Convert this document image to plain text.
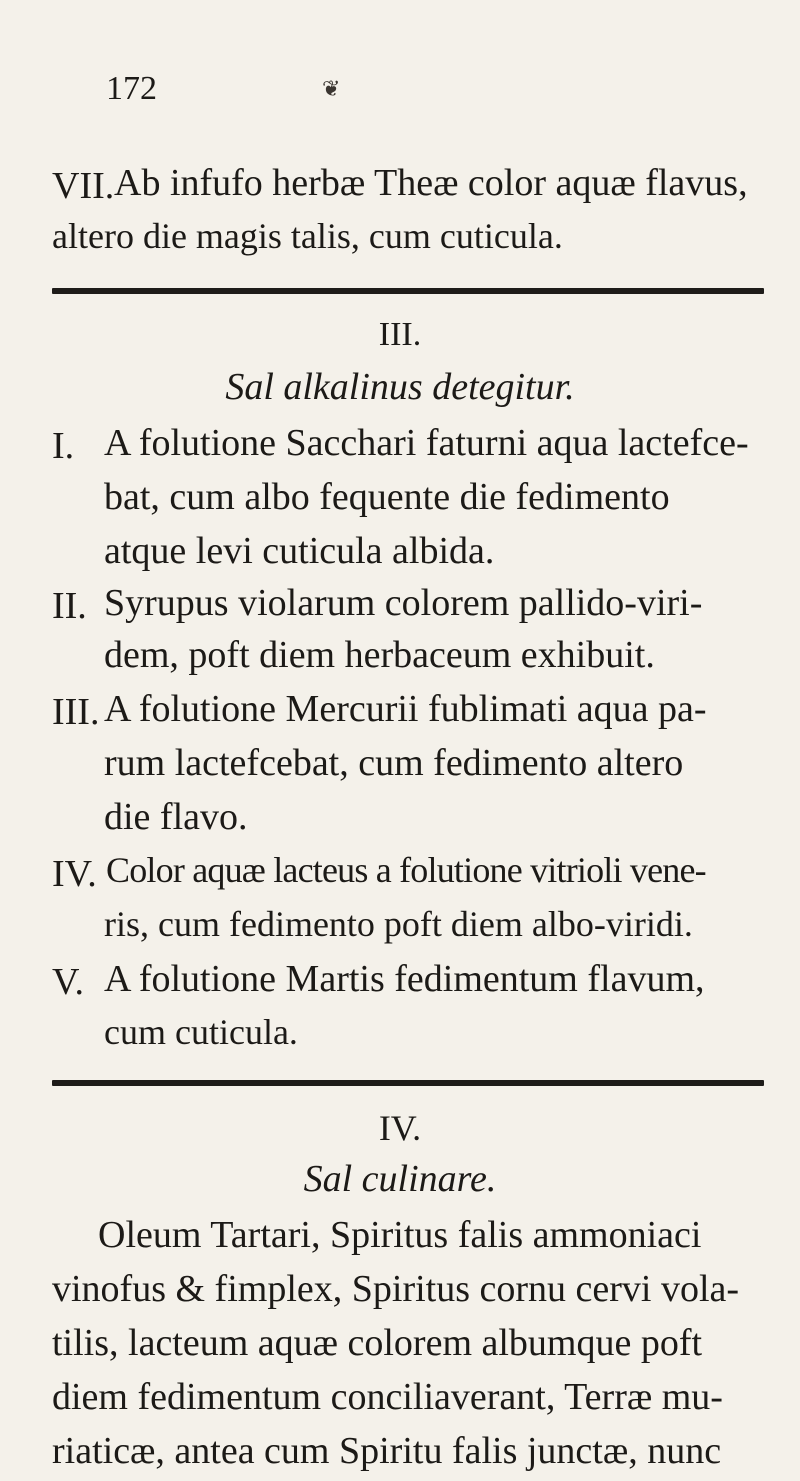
172	❦
VII. Ab infufo herbæ Theæ color aquæ flavus,
altero die magis talis, cum cuticula.
III.
Sal alkalinus detegitur.
I. A folutione Sacchari faturni aqua lactefce-
bat, cum albo fequente die fedimento
atque levi cuticula albida.
II. Syrupus violarum colorem pallido-viri-
dem, poft diem herbaceum exhibuit.
III. A folutione Mercurii fublimati aqua pa-
rum lactefcebat, cum fedimento altero
die flavo.
IV. Color aquæ lacteus a folutione vitrioli vene-
ris, cum fedimento poft diem albo-viridi.
V. A folutione Martis fedimentum flavum,
cum cuticula.
IV.
Sal culinare.
Oleum Tartari, Spiritus falis ammoniaci
vinofus & fimplex, Spiritus cornu cervi vola-
tilis, lacteum aquæ colorem albumque poft
diem fedimentum conciliaverant, Terræ mu-
riaticæ, antea cum Spiritu falis junctæ, nunc
